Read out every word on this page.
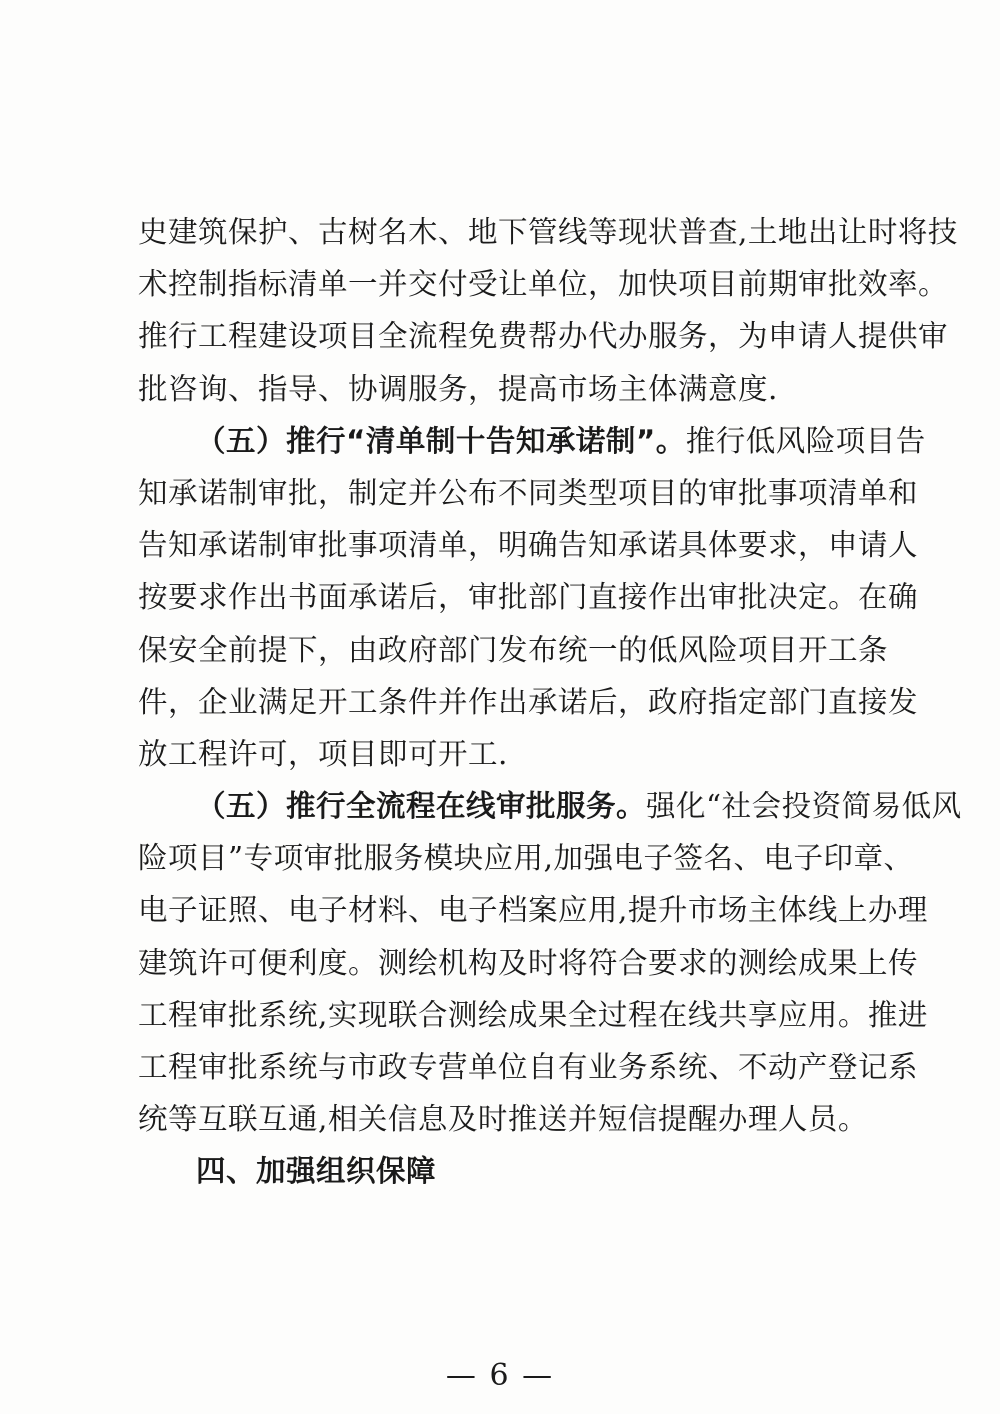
史建筑保护、古树名木、地下管线等现状普查,土地出让时将技
术控制指标清单一并交付受让单位，加快项目前期审批效率。
推行工程建设项目全流程免费帮办代办服务，为申请人提供审
批咨询、指导、协调服务，提高市场主体满意度.
（五）推行“清单制十告知承诺制”。推行低风险项目告
知承诺制审批，制定并公布不同类型项目的审批事项清单和
告知承诺制审批事项清单，明确告知承诺具体要求，申请人
按要求作出书面承诺后，审批部门直接作出审批决定。在确
保安全前提下，由政府部门发布统一的低风险项目开工条
件，企业满足开工条件并作出承诺后，政府指定部门直接发
放工程许可，项目即可开工.
（五）推行全流程在线审批服务。强化“社会投资简易低风
险项目”专项审批服务模块应用,加强电子签名、电子印章、
电子证照、电子材料、电子档案应用,提升市场主体线上办理
建筑许可便利度。测绘机构及时将符合要求的测绘成果上传
工程审批系统,实现联合测绘成果全过程在线共享应用。推进
工程审批系统与市政专营单位自有业务系统、不动产登记系
统等互联互通,相关信息及时推送并短信提醒办理人员。
四、加强组织保障
— 6 —
